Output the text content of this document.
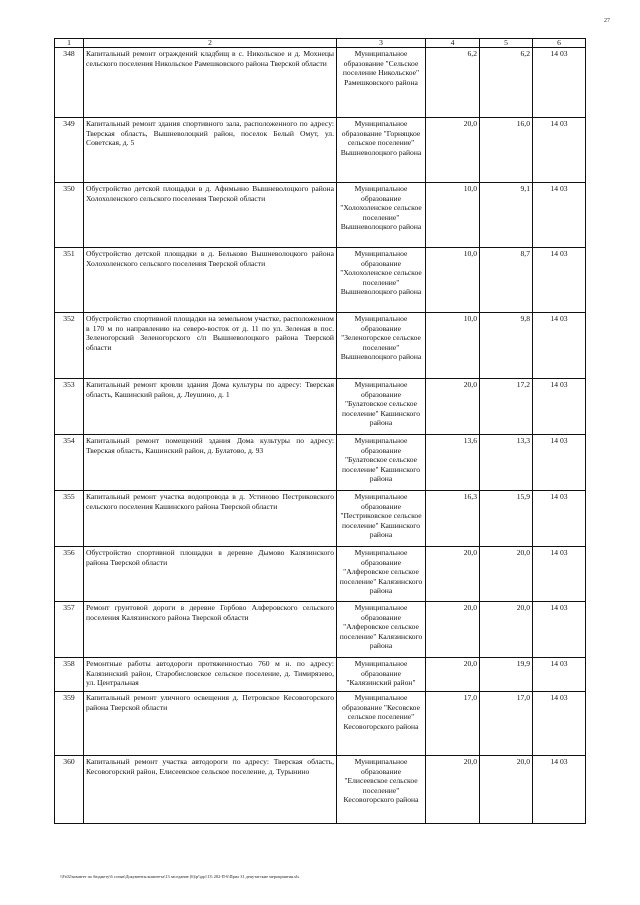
27
1	2	3	4	5	6
348	Капитальный ремонт ограждений кладбищ в с. Никольское и д. Мохнецы сельского поселения Никольское Рамешковского района Тверской области	Муниципальное образование "Сельское поселение Никольское" Рамешковского района	6,2	6,2	14 03
349	Капитальный ремонт здания спортивного зала, расположенного по адресу: Тверская область, Вышневолоцкий район, поселок Белый Омут, ул. Советская, д. 5	Муниципальное образование "Горняцкое сельское поселение" Вышневолоцкого района	20,0	16,0	14 03
350	Обустройство детской площадки в д. Афимьино Вышневолоцкого района Холохоленского сельского поселения Тверской области	Муниципальное образование "Холохоленское сельское поселение" Вышневолоцкого района	10,0	9,1	14 03
351	Обустройство детской площадки в д. Бельково Вышневолоцкого района Холохоленского сельского поселения Тверской области	Муниципальное образование "Холохоленское сельское поселение" Вышневолоцкого района	10,0	8,7	14 03
352	Обустройство спортивной площадки на земельном участке, расположенном в 170 м по направлению на северо-восток от д. 11 по ул. Зеленая в пос. Зеленогорский Зеленогорского с/п Вышневолоцкого района Тверской области	Муниципальное образование "Зеленогорское сельское поселение" Вышневолоцкого района	10,0	9,8	14 03
353	Капитальный ремонт кровли здания Дома культуры по адресу: Тверская область, Кашинский район, д. Леушино, д. 1	Муниципальное образование "Булатовское сельское поселение" Кашинского района	20,0	17,2	14 03
354	Капитальный ремонт помещений здания Дома культуры по адресу: Тверская область, Кашинский район, д. Булатово, д. 93	Муниципальное образование "Булатовское сельское поселение" Кашинского района	13,6	13,3	14 03
355	Капитальный ремонт участка водопровода в д. Устиново Пестриковского сельского поселения Кашинского района Тверской области	Муниципальное образование "Пестриковское сельское поселение" Кашинского района	16,3	15,9	14 03
356	Обустройство спортивной площадки в деревне Дымово Калязинского района Тверской области	Муниципальное образование "Алферовское сельское поселение" Калязинского района	20,0	20,0	14 03
357	Ремонт грунтовой дороги в деревне Горбово Алферовского сельского поселения Калязинского района Тверской области	Муниципальное образование "Алферовское сельское поселение" Калязинского района	20,0	20,0	14 03
358	Ремонтные работы автодороги протяженностью 760 м н. по адресу: Калязинский район, Старобисловское сельское поселение, д. Тимирязево, ул. Центральная	Муниципальное образование "Калязинский район"	20,0	19,9	14 03
359	Капитальный ремонт уличного освещения д. Петровское Кесовогорского района Тверской области	Муниципальное образование "Кесовское сельское поселение" Кесовогорского района	17,0	17,0	14 03
360	Капитальный ремонт участка автодороги по адресу: Тверская область, Кесовогорский район, Елисеевское сельское поселение, д. Турынино	Муниципальное образование "Елисеевское сельское поселение" Кесовогорского района	20,0	20,0	14 03
\\Fs02\комитет по бюджету\6 созыв\Документы комитета\13 заседание (6)\p\\pp\\13\ 282-П-6\Прил 31 депутатские мероприятия.xls
